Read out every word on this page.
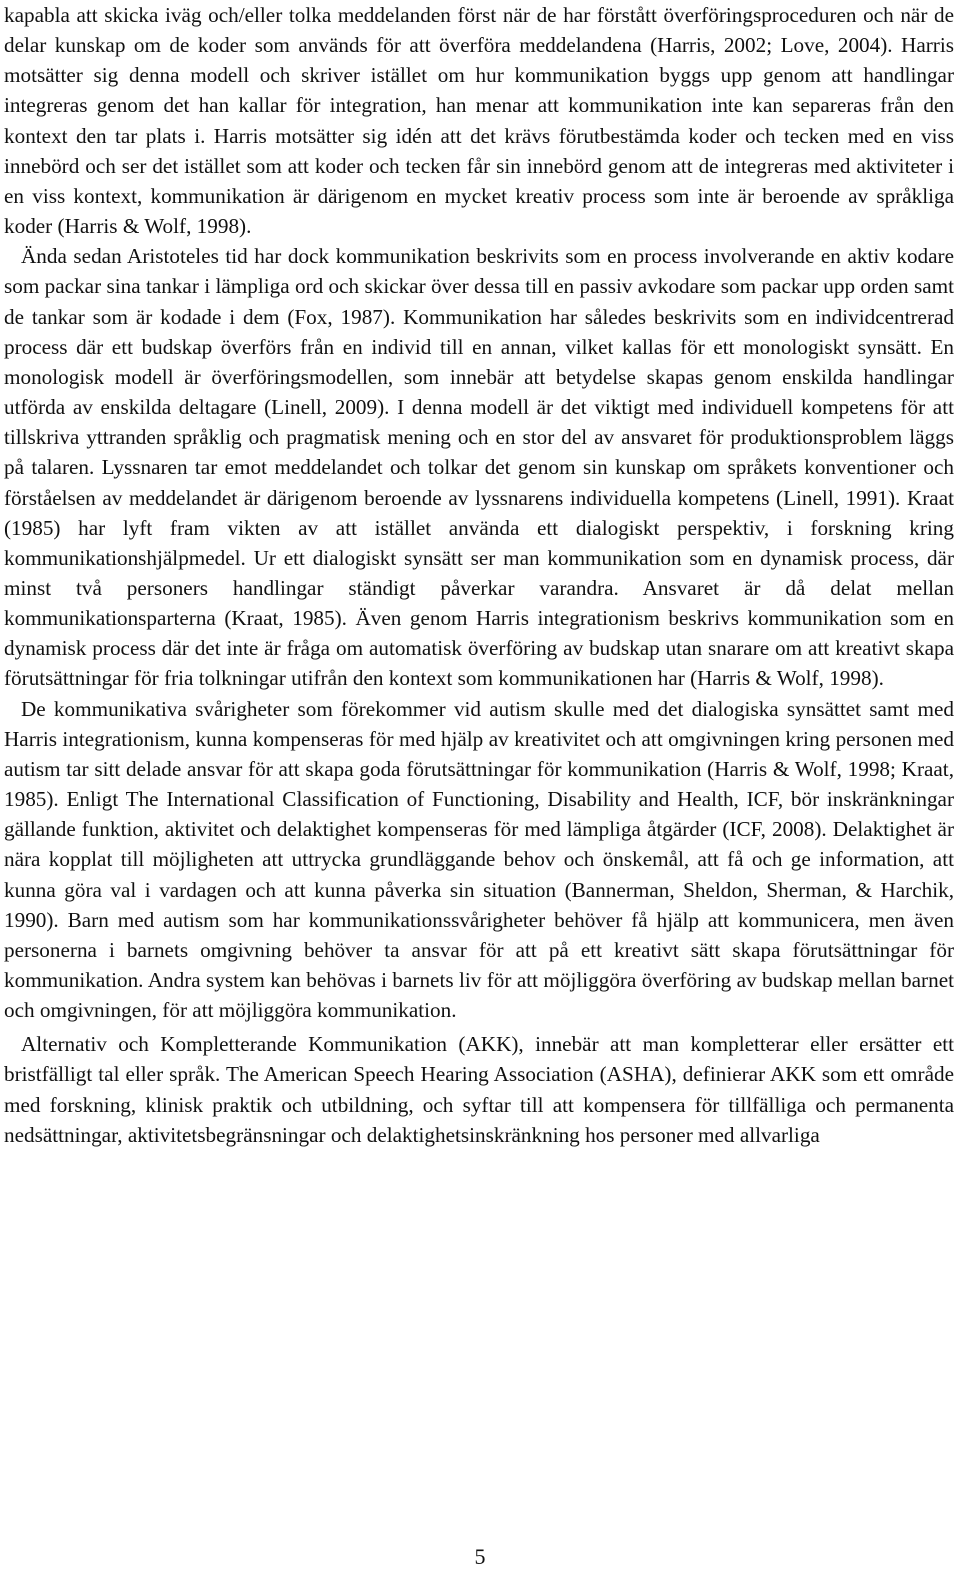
kapabla att skicka iväg och/eller tolka meddelanden först när de har förstått överföringsproceduren och när de delar kunskap om de koder som används för att överföra meddelandena (Harris, 2002; Love, 2004). Harris motsätter sig denna modell och skriver istället om hur kommunikation byggs upp genom att handlingar integreras genom det han kallar för integration, han menar att kommunikation inte kan separeras från den kontext den tar plats i. Harris motsätter sig idén att det krävs förutbestämda koder och tecken med en viss innebörd och ser det istället som att koder och tecken får sin innebörd genom att de integreras med aktiviteter i en viss kontext, kommunikation är därigenom en mycket kreativ process som inte är beroende av språkliga koder (Harris & Wolf, 1998).

Ända sedan Aristoteles tid har dock kommunikation beskrivits som en process involverande en aktiv kodare som packar sina tankar i lämpliga ord och skickar över dessa till en passiv avkodare som packar upp orden samt de tankar som är kodade i dem (Fox, 1987). Kommunikation har således beskrivits som en individcentrerad process där ett budskap överförs från en individ till en annan, vilket kallas för ett monologiskt synsätt. En monologisk modell är överföringsmodellen, som innebär att betydelse skapas genom enskilda handlingar utförda av enskilda deltagare (Linell, 2009). I denna modell är det viktigt med individuell kompetens för att tillskriva yttranden språklig och pragmatisk mening och en stor del av ansvaret för produktionsproblem läggs på talaren. Lyssnaren tar emot meddelandet och tolkar det genom sin kunskap om språkets konventioner och förståelsen av meddelandet är därigenom beroende av lyssnarens individuella kompetens (Linell, 1991). Kraat (1985) har lyft fram vikten av att istället använda ett dialogiskt perspektiv, i forskning kring kommunikationshjälpmedel. Ur ett dialogiskt synsätt ser man kommunikation som en dynamisk process, där minst två personers handlingar ständigt påverkar varandra. Ansvaret är då delat mellan kommunikationsparterna (Kraat, 1985). Även genom Harris integrationism beskrivs kommunikation som en dynamisk process där det inte är fråga om automatisk överföring av budskap utan snarare om att kreativt skapa förutsättningar för fria tolkningar utifrån den kontext som kommunikationen har (Harris & Wolf, 1998).

De kommunikativa svårigheter som förekommer vid autism skulle med det dialogiska synsättet samt med Harris integrationism, kunna kompenseras för med hjälp av kreativitet och att omgivningen kring personen med autism tar sitt delade ansvar för att skapa goda förutsättningar för kommunikation (Harris & Wolf, 1998; Kraat, 1985). Enligt The International Classification of Functioning, Disability and Health, ICF, bör inskränkningar gällande funktion, aktivitet och delaktighet kompenseras för med lämpliga åtgärder (ICF, 2008). Delaktighet är nära kopplat till möjligheten att uttrycka grundläggande behov och önskemål, att få och ge information, att kunna göra val i vardagen och att kunna påverka sin situation (Bannerman, Sheldon, Sherman, & Harchik, 1990). Barn med autism som har kommunikationssvårigheter behöver få hjälp att kommunicera, men även personerna i barnets omgivning behöver ta ansvar för att på ett kreativt sätt skapa förutsättningar för kommunikation. Andra system kan behövas i barnets liv för att möjliggöra överföring av budskap mellan barnet och omgivningen, för att möjliggöra kommunikation.

Alternativ och Kompletterande Kommunikation (AKK), innebär att man kompletterar eller ersätter ett bristfälligt tal eller språk. The American Speech Hearing Association (ASHA), definierar AKK som ett område med forskning, klinisk praktik och utbildning, och syftar till att kompensera för tillfälliga och permanenta nedsättningar, aktivitetsbegränsningar och delaktighetsinskränkning hos personer med allvarliga

5
